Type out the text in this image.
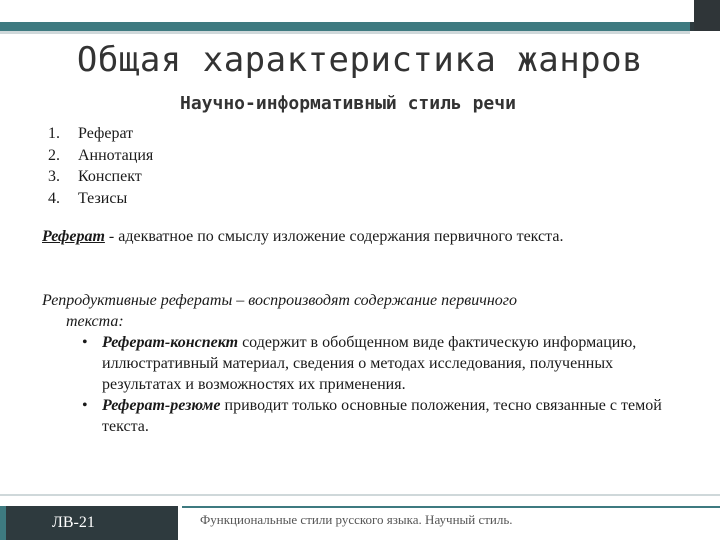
Общая характеристика жанров
Научно-информативный стиль речи
1.	Реферат
2.	Аннотация
3.	Конспект
4.	Тезисы
Реферат - адекватное по смыслу изложение содержания первичного текста.
Репродуктивные рефераты – воспроизводят содержание первичного
текста:
• Реферат-конспект содержит в обобщенном виде фактическую информацию, иллюстративный материал, сведения о методах исследования, полученных результатах и возможностях их применения.
• Реферат-резюме приводит только основные положения, тесно связанные с темой текста.
ЛВ-21	Функциональные стили русского языка. Научный стиль.
